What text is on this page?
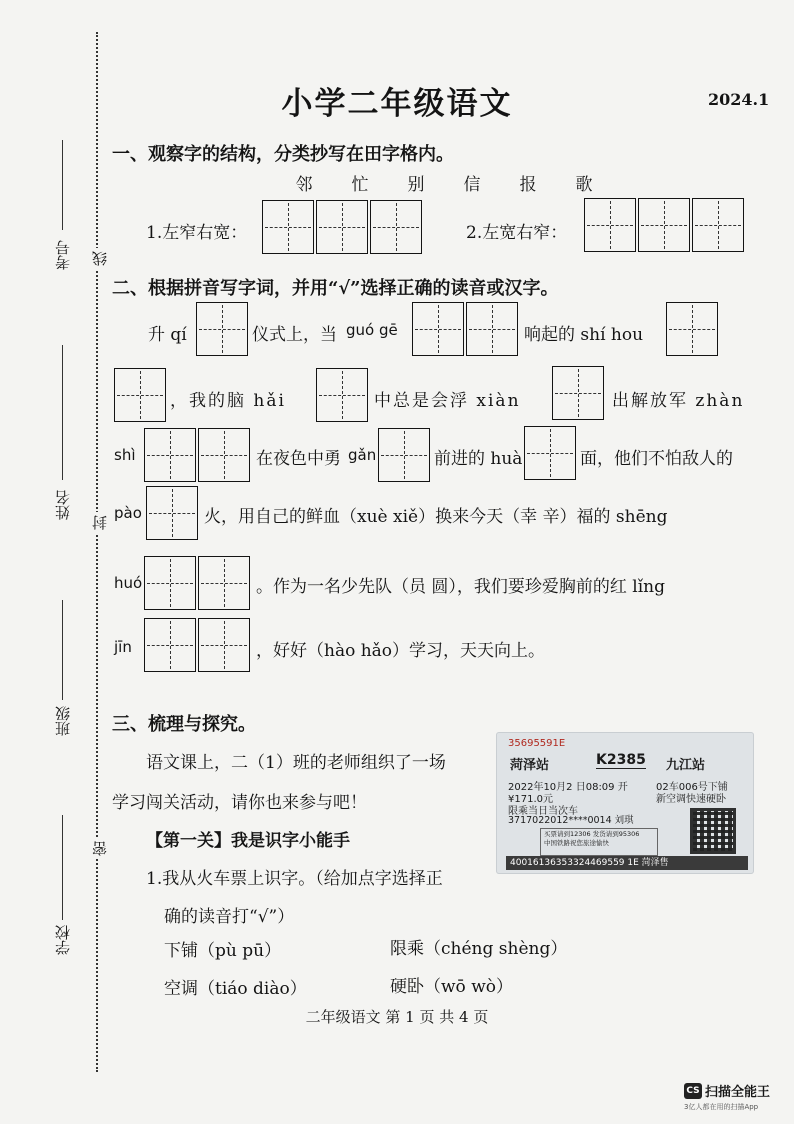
考号
姓名
班级
学校
线
封
密
小学二年级语文	2024.1
一、观察字的结构，分类抄写在田字格内。
邻 忙 别 信 报 歌
1.左窄右宽：	2.左宽右窄：
二、根据拼音写字词，并用“√”选择正确的读音或汉字。
升 qí	仪式上，当 guó gē	响起的 shí hou
，我的脑 hǎi	中总是会浮 xiàn	出解放军 zhàn
shì	在夜色中勇 gǎn	前进的 huà	面，他们不怕敌人的
pào	火，用自己的鲜血（xuè xiě）换来今天（幸 辛）福的 shēng
huó	。作为一名少先队（员 圆），我们要珍爱胸前的红 lǐng
jīn	，好好（hào hǎo）学习，天天向上。
三、梳理与探究。
语文课上，二（1）班的老师组织了一场
学习闯关活动，请你也来参与吧！
【第一关】我是识字小能手
1.我从火车票上识字。（给加点字选择正
确的读音打“√”）
下铺（pù pū）	限乘（chéng shèng）
空调（tiáo diào）	硬卧（wō wò）
35695591E
菏泽站	K2385 九江站
2022年10月2 日08:09 开	02车006号下铺
¥171.0元	新空调快速硬卧
限乘当日当次车
3717022012****0014 刘琪
买票请到12306 发货请到95306
中国铁路祝您旅途愉快
40016136353324469559 1E 菏泽售
二年级语文 第 1 页 共 4 页
CS 扫描全能王
3亿人都在用的扫描App
